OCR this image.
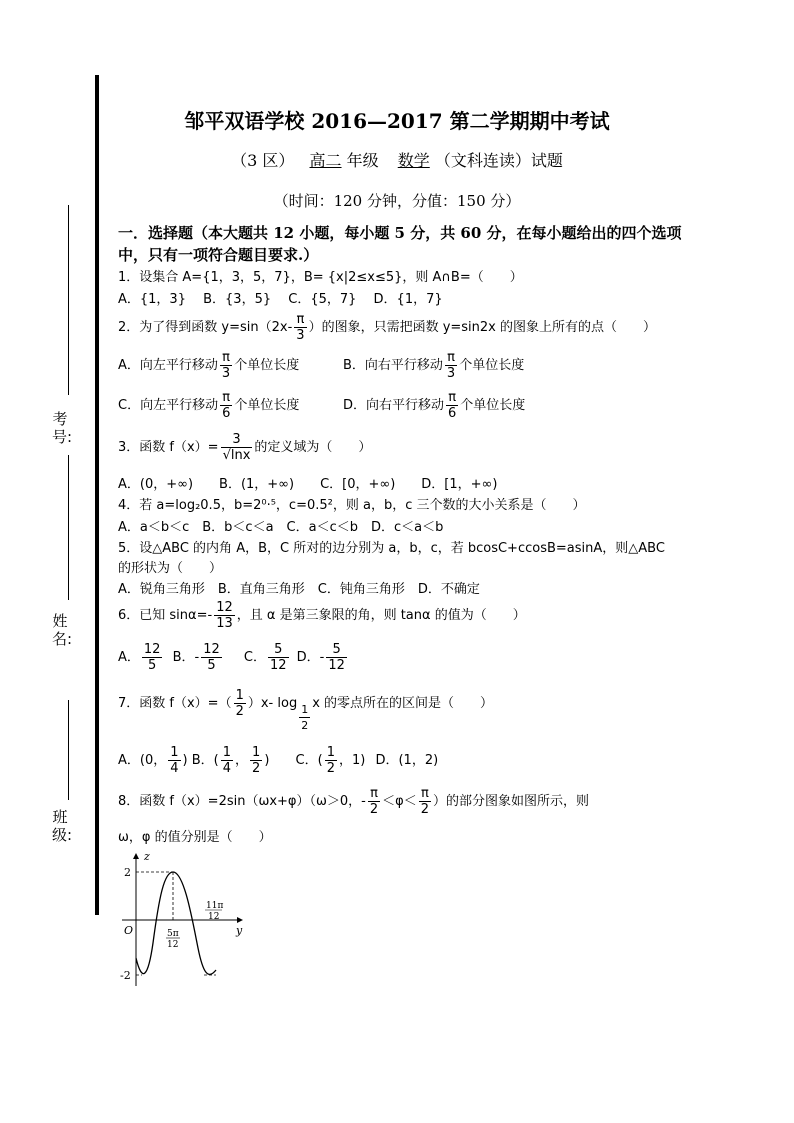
考号:
姓名:
班级:
邹平双语学校 2016—2017 第二学期期中考试
（3 区） 高二 年级 数学 （文科连读）试题
（时间：120 分钟，分值：150 分）
一．选择题（本大题共 12 小题，每小题 5 分，共 60 分，在每小题给出的四个选项中，只有一项符合题目要求.）
1．设集合 A={1，3，5，7}，B= {x|2≤x≤5}，则 A∩B=（　　）
A．{1，3}　 B．{3，5}　 C．{5，7}　 D．{1，7}
2．为了得到函数 $y=\sin(2x- \frac{\pi}{3}$ ）的图象，只需把函数 y=sin2x 的图象上所有的点（　　）
A．向左平行移动 $\frac{\pi}{3}$ 个单位长度	B．向右平行移动 $\frac{\pi}{3}$ 个单位长度
C．向左平行移动 $\frac{\pi}{6}$ 个单位长度	D．向右平行移动 $\frac{\pi}{6}$ 个单位长度
3．函数 $f(x)= \frac{3}{√\ln x}$ 的定义域为（　　）
A．(0，+∞)　　B．(1，+∞)　　C．[0，+∞)　　D．[1，+∞)
4．若 a=log₂0.5，b=2⁰·⁵，c=0.5²，则 a，b，c 三个数的大小关系是（　　）
A．a＜b＜c　B．b＜c＜a　C．a＜c＜b　D．c＜a＜b
5．设△ABC 的内角 A，B，C 所对的边分别为 a，b，c，若 bcosC+ccosB=asinA，则△ABC
的形状为（　　）
A．锐角三角形　B．直角三角形　C．钝角三角形　D．不确定
6．已知 $\sin\alpha=- \frac{12}{13}$ ，且 α 是第三象限的角，则 tanα 的值为（　　）
A． $\frac{12}{5}$ B．- $\frac{12}{5}$ C． $\frac{5}{12}$ D．- $\frac{5}{12}$
7．函数 $f(x)=( \frac{1}{2} )x-$ $\log \frac{1}{2}$ x 的零点所在的区间是（　　）
A．(0， $\frac{1}{4}$ ) B．( $\frac{1}{4}$ ， $\frac{1}{2}$ ) C．( $\frac{1}{2}$ ，1) D．(1，2)
8．函数 f（x）=2sin（ωx+φ）（ω＞0，- $\frac{\pi}{2} <\varphi< \frac{\pi}{2}$ ）的部分图象如图所示，则
ω，φ 的值分别是（　　）
z
y
O
2
-2
5π
12
11π
12
